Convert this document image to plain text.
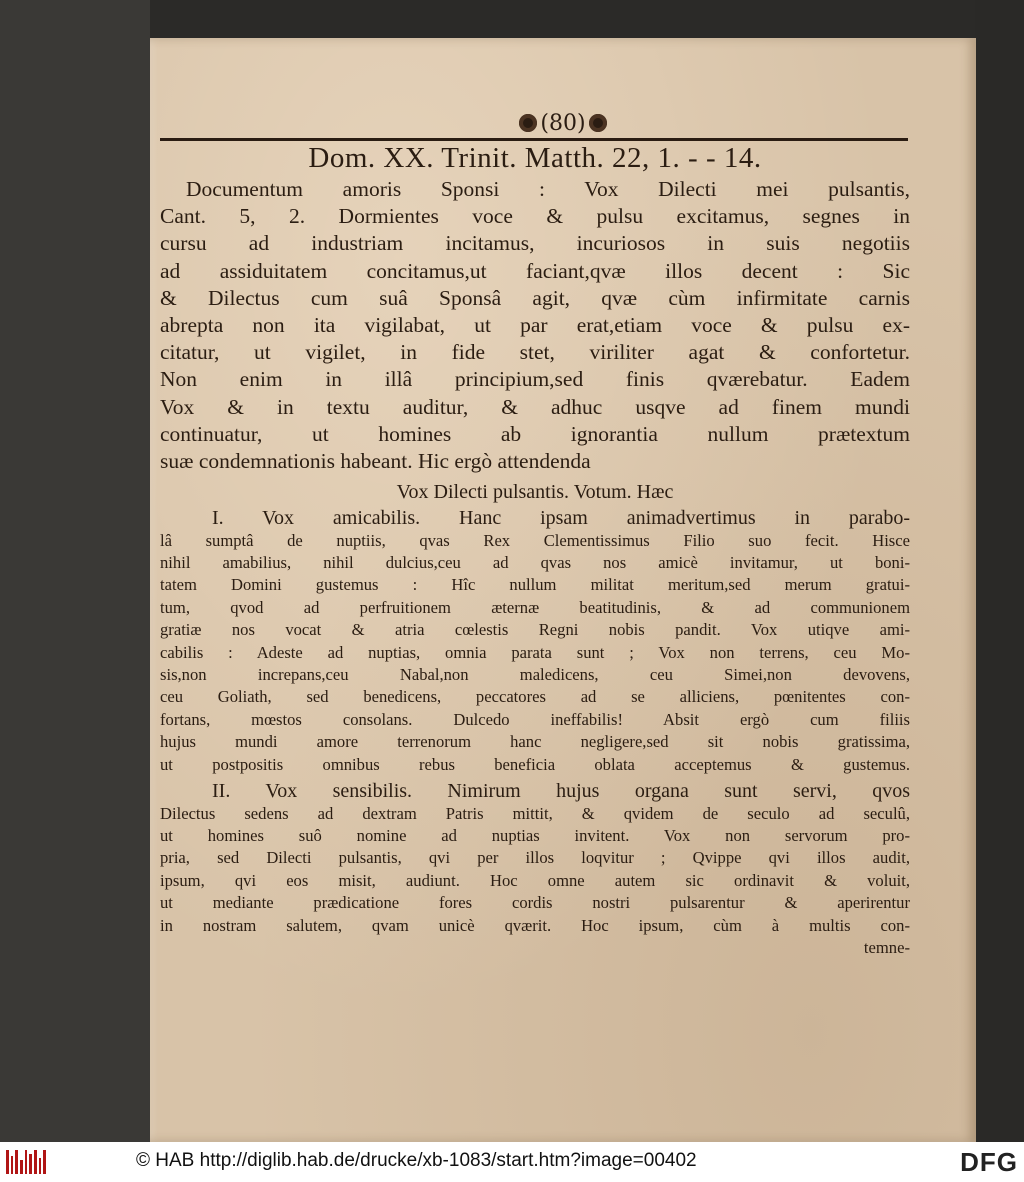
(80)
Dom. XX. Trinit. Matth. 22, 1. - - 14.
Documentum amoris Sponsi : Vox Dilecti mei pulsantis,
Cant. 5, 2. Dormientes voce & pulsu excitamus, segnes in
cursu ad industriam incitamus, incuriosos in suis negotiis
ad assiduitatem concitamus,ut faciant,qvæ illos decent : Sic
& Dilectus cum suâ Sponsâ agit, qvæ cùm infirmitate carnis
abrepta non ita vigilabat, ut par erat,etiam voce & pulsu ex-
citatur, ut vigilet, in fide stet, viriliter agat & confortetur.
Non enim in illâ principium,sed finis qværebatur. Eadem
Vox & in textu auditur, & adhuc usqve ad finem mundi
continuatur, ut homines ab ignorantia nullum prætextum
suæ condemnationis habeant. Hic ergò attendenda
Vox Dilecti pulsantis. Votum. Hæc
I. Vox amicabilis. Hanc ipsam animadvertimus in parabo-
lâ sumptâ de nuptiis, qvas Rex Clementissimus Filio suo fecit. Hisce
nihil amabilius, nihil dulcius,ceu ad qvas nos amicè invitamur, ut boni-
tatem Domini gustemus : Hîc nullum militat meritum,sed merum gratui-
tum, qvod ad perfruitionem æternæ beatitudinis, & ad communionem
gratiæ nos vocat & atria cœlestis Regni nobis pandit. Vox utiqve ami-
cabilis : Adeste ad nuptias, omnia parata sunt ; Vox non terrens, ceu Mo-
sis,non increpans,ceu Nabal,non maledicens, ceu Simei,non devovens,
ceu Goliath, sed benedicens, peccatores ad se alliciens, pœnitentes con-
fortans, mœstos consolans. Dulcedo ineffabilis! Absit ergò cum filiis
hujus mundi amore terrenorum hanc negligere,sed sit nobis gratissima,
ut postpositis omnibus rebus beneficia oblata acceptemus & gustemus.
II. Vox sensibilis. Nimirum hujus organa sunt servi, qvos
Dilectus sedens ad dextram Patris mittit, & qvidem de seculo ad seculû,
ut homines suô nomine ad nuptias invitent. Vox non servorum pro-
pria, sed Dilecti pulsantis, qvi per illos loqvitur ; Qvippe qvi illos audit,
ipsum, qvi eos misit, audiunt. Hoc omne autem sic ordinavit & voluit,
ut mediante prædicatione fores cordis nostri pulsarentur & aperirentur
in nostram salutem, qvam unicè qværit. Hoc ipsum, cùm à multis con-
temne-
© HAB http://diglib.hab.de/drucke/xb-1083/start.htm?image=00402	DFG
